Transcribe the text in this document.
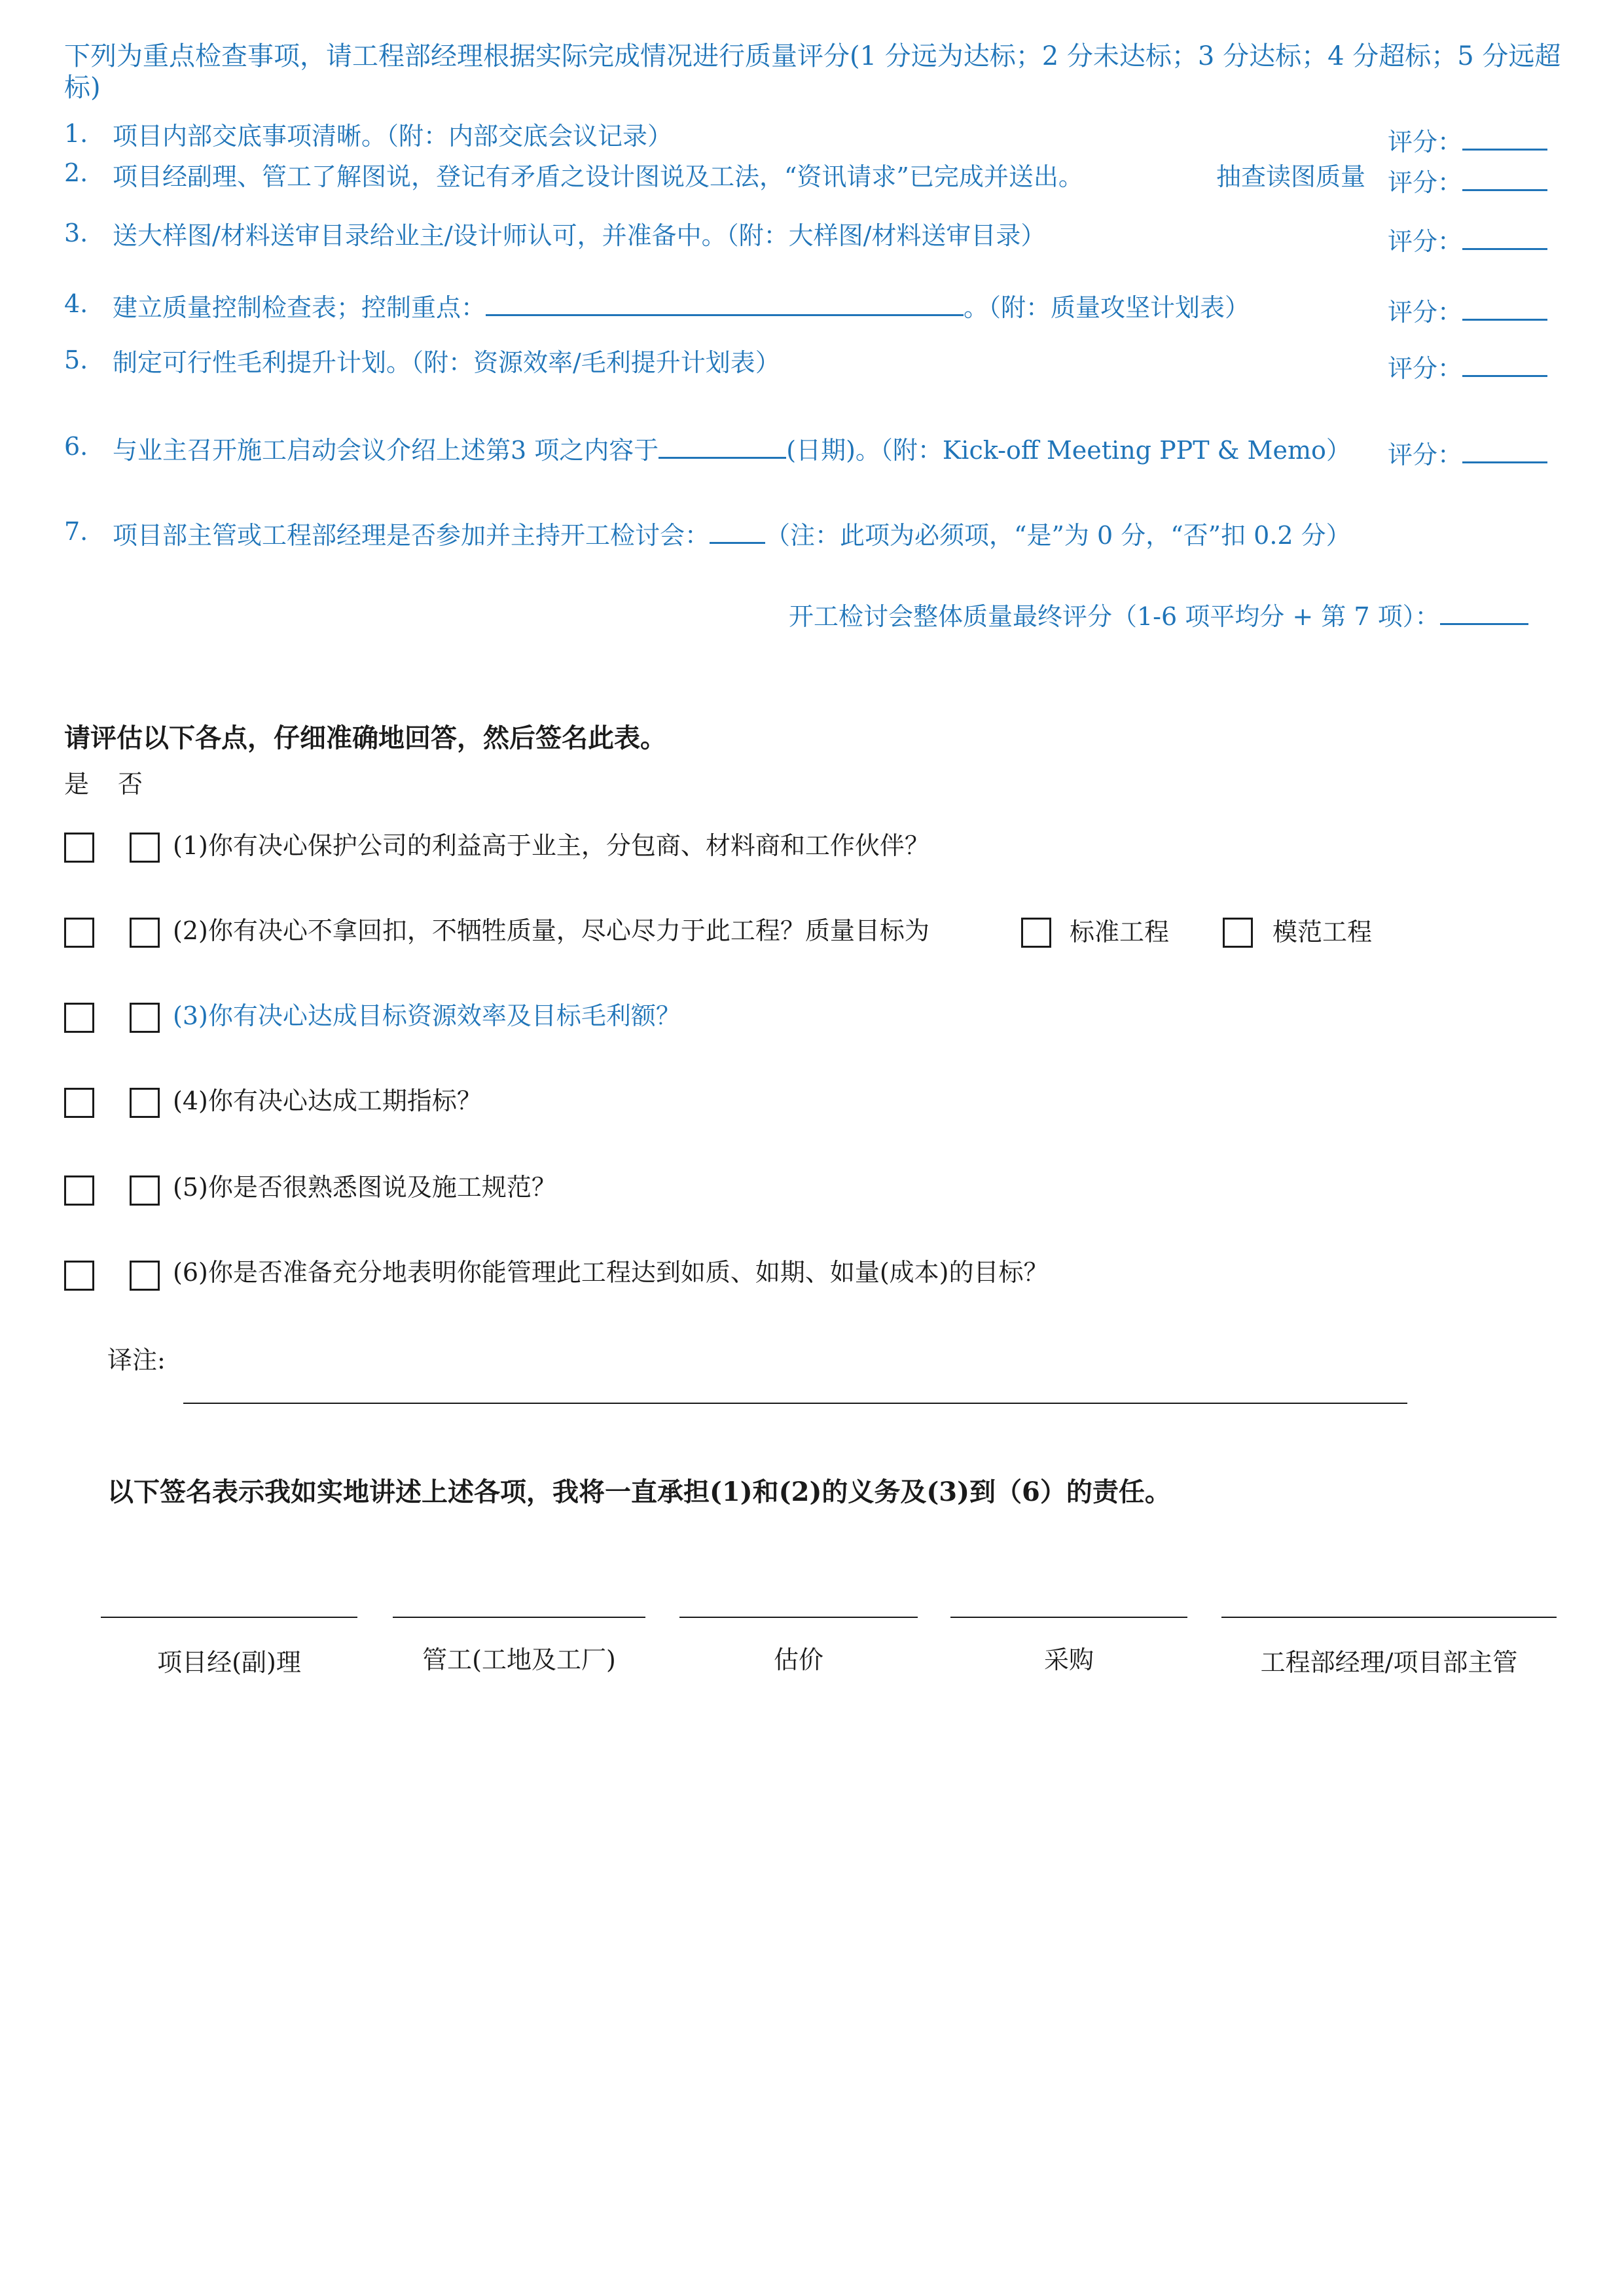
下列为重点检查事项，请工程部经理根据实际完成情况进行质量评分(1 分远为达标；2 分未达标；3 分达标；4 分超标；5 分远超
标)
1. 项目内部交底事项清晰。（附：内部交底会议记录）	评分：
2. 项目经副理、管工了解图说，登记有矛盾之设计图说及工法，“资讯请求”已完成并送出。	抽查读图质量 评分：
3. 送大样图/材料送审目录给业主/设计师认可，并准备中。（附：大样图/材料送审目录）	评分：
4. 建立质量控制检查表；控制重点：	。（附：质量攻坚计划表）	评分：
5. 制定可行性毛利提升计划。（附：资源效率/毛利提升计划表）	评分：
6. 与业主召开施工启动会议介绍上述第3 项之内容于	(日期)。（附：Kick-off Meeting PPT & Memo） 评分：
7. 项目部主管或工程部经理是否参加并主持开工检讨会： （注：此项为必须项，“是”为 0 分，“否”扣 0.2 分）
开工检讨会整体质量最终评分（1-6 项平均分 + 第 7 项）：
请评估以下各点，仔细准确地回答，然后签名此表。
是 否
(1)你有决心保护公司的利益高于业主，分包商、材料商和工作伙伴？
(2)你有决心不拿回扣，不牺牲质量，尽心尽力于此工程？质量目标为	标准工程	模范工程
(3)你有决心达成目标资源效率及目标毛利额？
(4)你有决心达成工期指标？
(5)你是否很熟悉图说及施工规范？
(6)你是否准备充分地表明你能管理此工程达到如质、如期、如量(成本)的目标？
译注:
以下签名表示我如实地讲述上述各项，我将一直承担(1)和(2)的义务及(3)到（6）的责任。
项目经(副)理	管工(工地及工厂)	估价	采购	工程部经理/项目部主管
